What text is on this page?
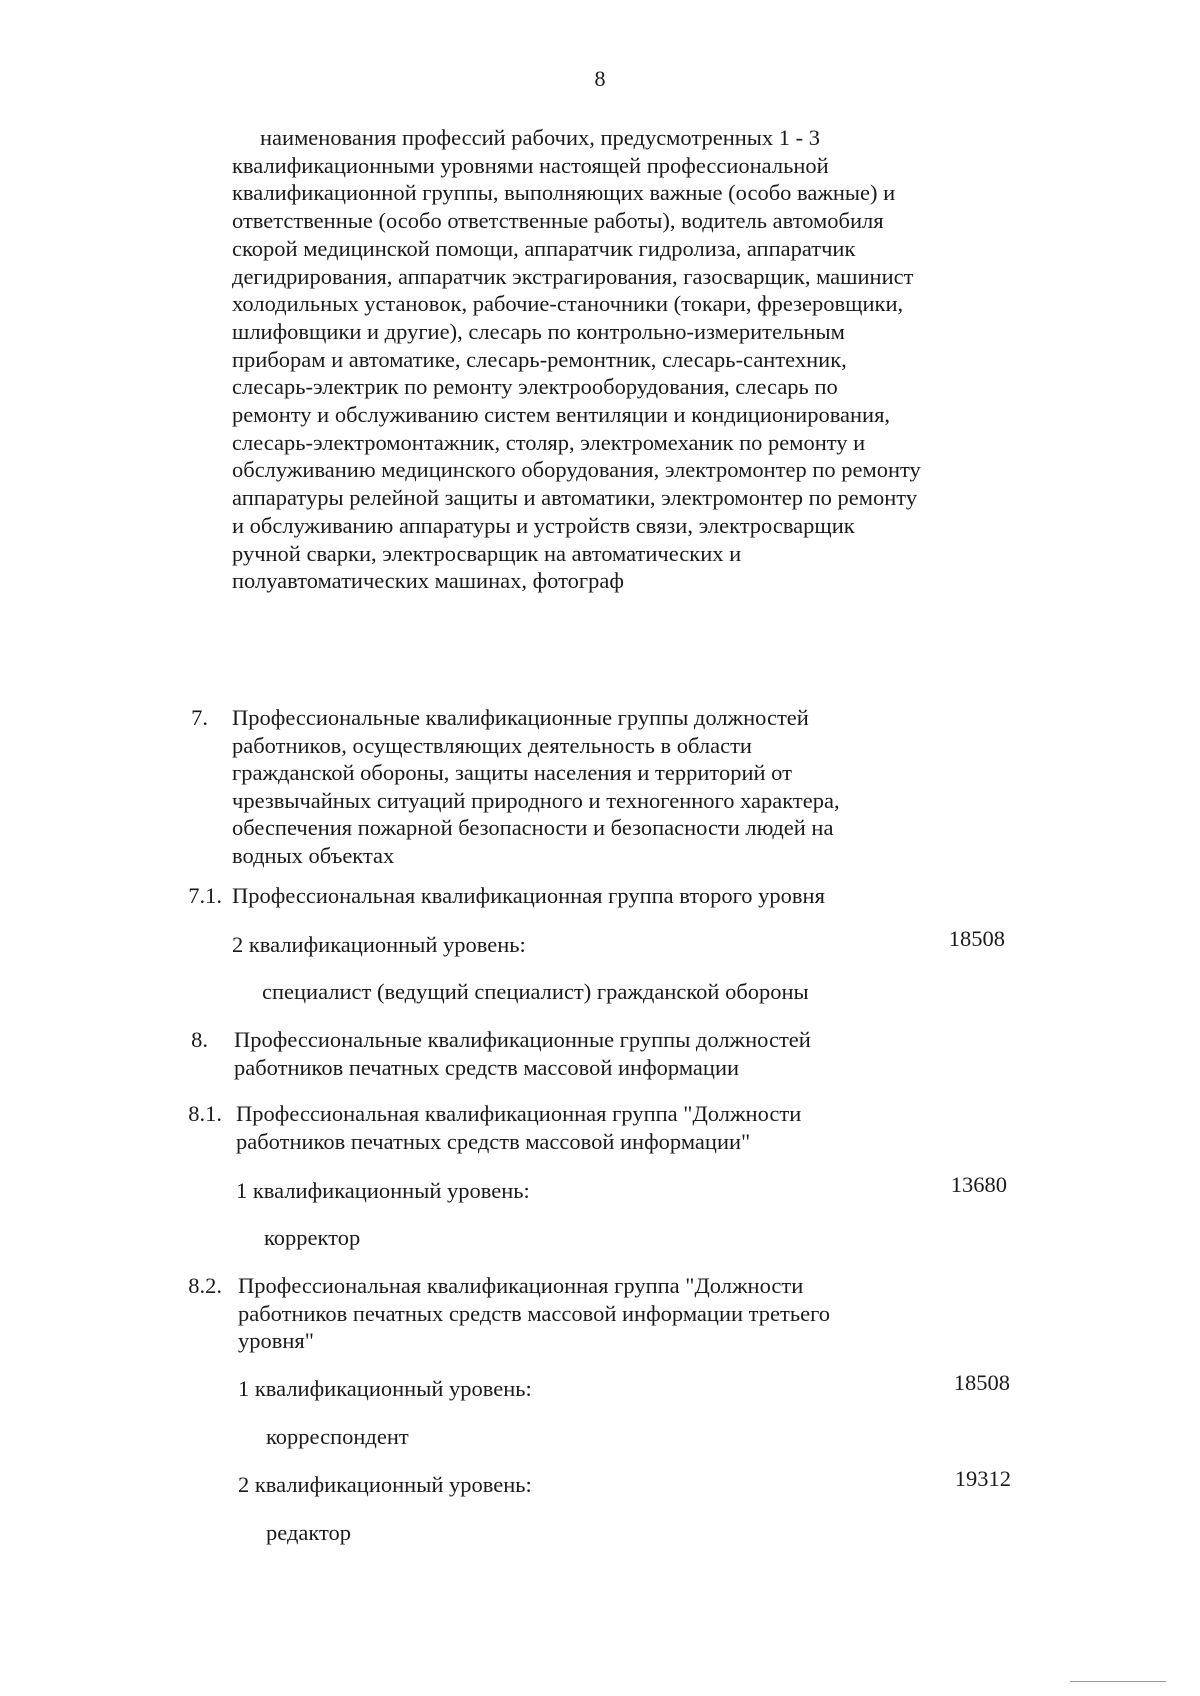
8
наименования профессий рабочих, предусмотренных 1 - 3 квалификационными уровнями настоящей профессиональной квалификационной группы, выполняющих важные (особо важные) и ответственные (особо ответственные работы), водитель автомобиля скорой медицинской помощи, аппаратчик гидролиза, аппаратчик дегидрирования, аппаратчик экстрагирования, газосварщик, машинист холодильных установок, рабочие-станочники (токари, фрезеровщики, шлифовщики и другие), слесарь по контрольно-измерительным приборам и автоматике, слесарь-ремонтник, слесарь-сантехник, слесарь-электрик по ремонту электрооборудования, слесарь по ремонту и обслуживанию систем вентиляции и кондиционирования, слесарь-электромонтажник, столяр, электромеханик по ремонту и обслуживанию медицинского оборудования, электромонтер по ремонту аппаратуры релейной защиты и автоматики, электромонтер по ремонту и обслуживанию аппаратуры и устройств связи, электросварщик ручной сварки, электросварщик на автоматических и полуавтоматических машинах, фотограф
7. Профессиональные квалификационные группы должностей работников, осуществляющих деятельность в области гражданской обороны, защиты населения и территорий от чрезвычайных ситуаций природного и техногенного характера, обеспечения пожарной безопасности и безопасности людей на водных объектах
7.1. Профессиональная квалификационная группа второго уровня
2 квалификационный уровень:	18508
специалист (ведущий специалист) гражданской обороны
8. Профессиональные квалификационные группы должностей работников печатных средств массовой информации
8.1. Профессиональная квалификационная группа "Должности работников печатных средств массовой информации"
1 квалификационный уровень:	13680
корректор
8.2. Профессиональная квалификационная группа "Должности работников печатных средств массовой информации третьего уровня"
1 квалификационный уровень:	18508
корреспондент
2 квалификационный уровень:	19312
редактор
